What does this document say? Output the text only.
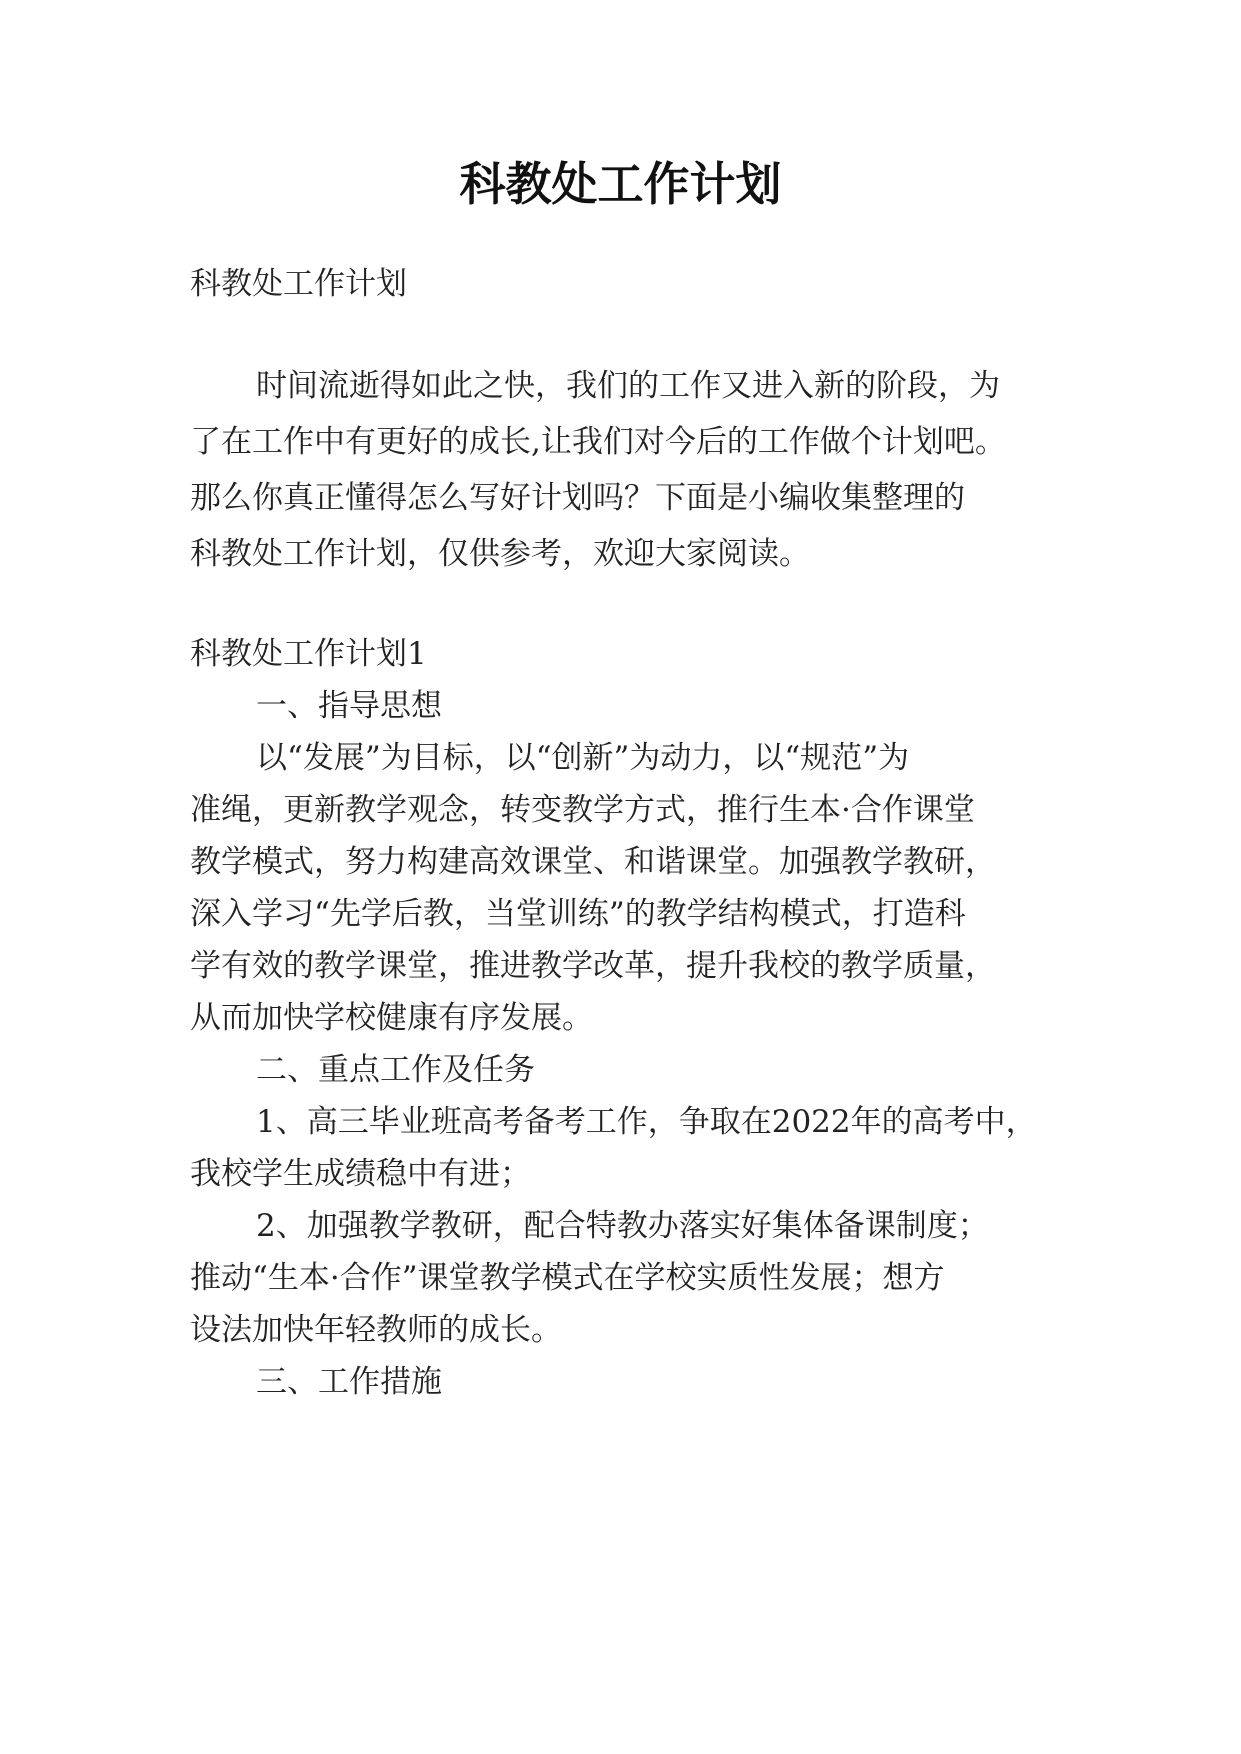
科教处工作计划
科教处工作计划
时间流逝得如此之快，我们的工作又进入新的阶段，为
了在工作中有更好的成长,让我们对今后的工作做个计划吧。
那么你真正懂得怎么写好计划吗？下面是小编收集整理的
科教处工作计划，仅供参考，欢迎大家阅读。
科教处工作计划1
一、指导思想
以“发展”为目标，以“创新”为动力，以“规范”为
准绳，更新教学观念，转变教学方式，推行生本·合作课堂
教学模式，努力构建高效课堂、和谐课堂。加强教学教研，
深入学习“先学后教，当堂训练”的教学结构模式，打造科
学有效的教学课堂，推进教学改革，提升我校的教学质量，
从而加快学校健康有序发展。
二、重点工作及任务
1、高三毕业班高考备考工作，争取在2022年的高考中，
我校学生成绩稳中有进；
2、加强教学教研，配合特教办落实好集体备课制度；
推动“生本·合作”课堂教学模式在学校实质性发展；想方
设法加快年轻教师的成长。
三、工作措施
